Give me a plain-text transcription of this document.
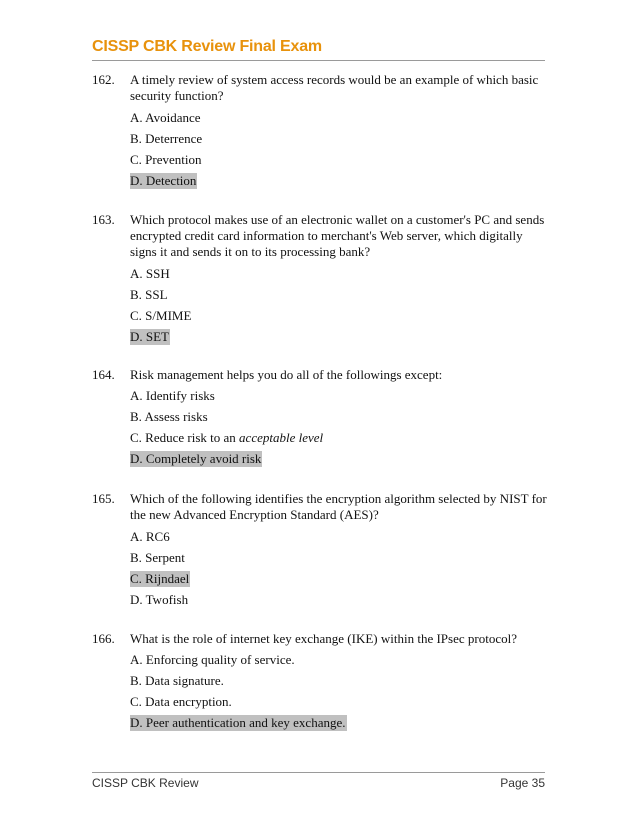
CISSP CBK Review Final Exam
162.	A timely review of system access records would be an example of which basic security function?
A. Avoidance
B. Deterrence
C. Prevention
D. Detection
163.	Which protocol makes use of an electronic wallet on a customer's PC and sends encrypted credit card information to merchant's Web server, which digitally signs it and sends it on to its processing bank?
A. SSH
B. SSL
C. S/MIME
D. SET
164.	Risk management helps you do all of the followings except:
A. Identify risks
B. Assess risks
C. Reduce risk to an acceptable level
D. Completely avoid risk
165.	Which of the following identifies the encryption algorithm selected by NIST for the new Advanced Encryption Standard (AES)?
A. RC6
B. Serpent
C. Rijndael
D. Twofish
166.	What is the role of internet key exchange (IKE) within the IPsec protocol?
A. Enforcing quality of service.
B. Data signature.
C. Data encryption.
D. Peer authentication and key exchange.
CISSP CBK Review	Page 35
